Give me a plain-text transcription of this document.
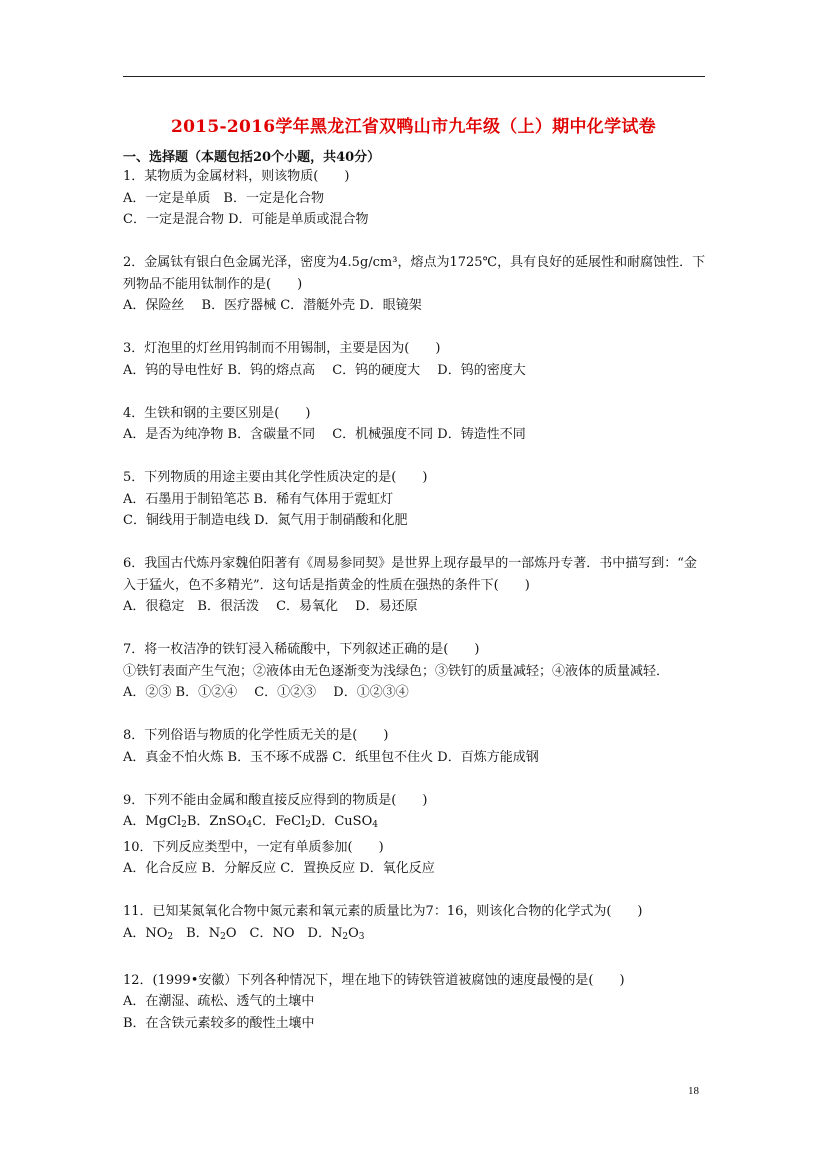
2015-2016学年黑龙江省双鸭山市九年级（上）期中化学试卷
一、选择题（本题包括20个小题，共40分）
1．某物质为金属材料，则该物质(　　)
A．一定是单质　B．一定是化合物
C．一定是混合物 D．可能是单质或混合物
2．金属钛有银白色金属光泽，密度为4.5g/cm³，熔点为1725℃，具有良好的延展性和耐腐蚀性．下列物品不能用钛制作的是(　　)
A．保险丝　 B．医疗器械 C．潜艇外壳 D．眼镜架
3．灯泡里的灯丝用钨制而不用锡制，主要是因为(　　)
A．钨的导电性好 B．钨的熔点高　 C．钨的硬度大　 D．钨的密度大
4．生铁和钢的主要区别是(　　)
A．是否为纯净物 B．含碳量不同　 C．机械强度不同 D．铸造性不同
5．下列物质的用途主要由其化学性质决定的是(　　)
A．石墨用于制铅笔芯 B．稀有气体用于霓虹灯
C．铜线用于制造电线 D．氮气用于制硝酸和化肥
6．我国古代炼丹家魏伯阳著有《周易参同契》是世界上现存最早的一部炼丹专著．书中描写到：“金入于猛火，色不多精光”．这句话是指黄金的性质在强热的条件下(　　)
A．很稳定　B．很活泼　 C．易氧化　 D．易还原
7．将一枚洁净的铁钉浸入稀硫酸中，下列叙述正确的是(　　)
①铁钉表面产生气泡；②液体由无色逐渐变为浅绿色；③铁钉的质量减轻；④液体的质量减轻．
A．②③ B．①②④　 C．①②③　 D．①②③④
8．下列俗语与物质的化学性质无关的是(　　)
A．真金不怕火炼 B．玉不琢不成器 C．纸里包不住火 D．百炼方能成钢
9．下列不能由金属和酸直接反应得到的物质是(　　)
A．MgCl$_2$B．ZnSO$_4$C．FeCl$_2$D．CuSO$_4$
10．下列反应类型中，一定有单质参加(　　)
A．化合反应 B．分解反应 C．置换反应 D．氧化反应
11．已知某氮氧化合物中氮元素和氧元素的质量比为7：16，则该化合物的化学式为(　　)
A．$NO_2$　 B．$N_2O$　 C．NO　 D．$N_2O_3$
12．(1999•安徽）下列各种情况下，埋在地下的铸铁管道被腐蚀的速度最慢的是(　　)
A．在潮湿、疏松、透气的土壤中
B．在含铁元素较多的酸性土壤中
18
